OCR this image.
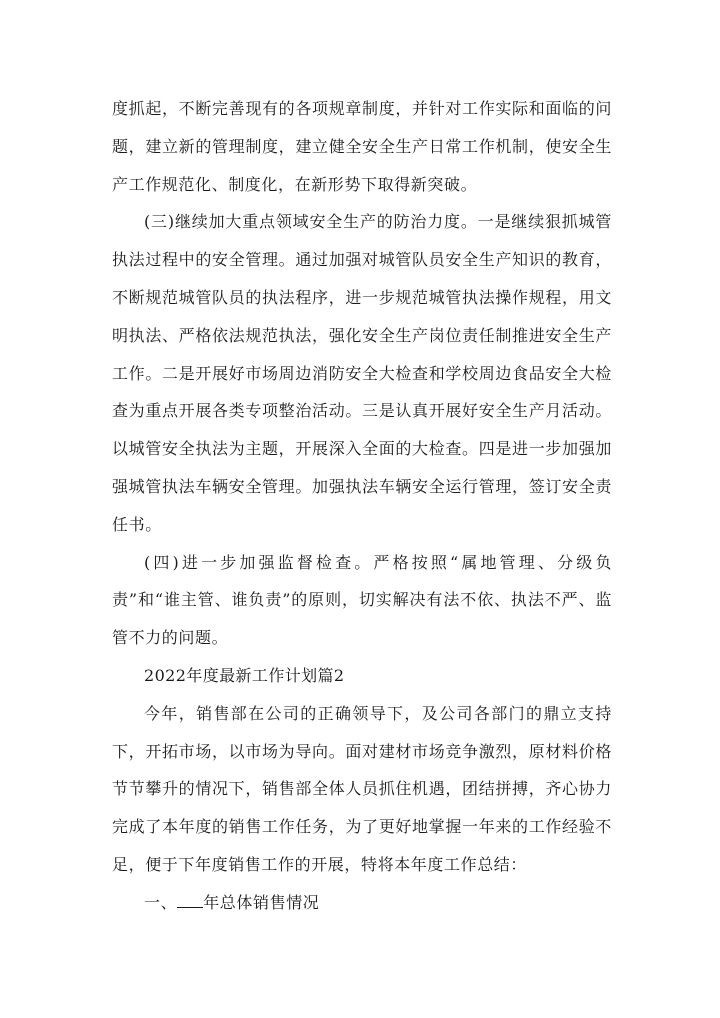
度抓起，不断完善现有的各项规章制度，并针对工作实际和面临的问题，建立新的管理制度，建立健全安全生产日常工作机制，使安全生产工作规范化、制度化，在新形势下取得新突破。

(三)继续加大重点领域安全生产的防治力度。一是继续狠抓城管执法过程中的安全管理。通过加强对城管队员安全生产知识的教育，不断规范城管队员的执法程序，进一步规范城管执法操作规程，用文明执法、严格依法规范执法，强化安全生产岗位责任制推进安全生产工作。二是开展好市场周边消防安全大检查和学校周边食品安全大检查为重点开展各类专项整治活动。三是认真开展好安全生产月活动。以城管安全执法为主题，开展深入全面的大检查。四是进一步加强加强城管执法车辆安全管理。加强执法车辆安全运行管理，签订安全责任书。

(四)进一步加强监督检查。严格按照“属地管理、分级负责”和“谁主管、谁负责”的原则，切实解决有法不依、执法不严、监管不力的问题。

2022年度最新工作计划篇2

今年，销售部在公司的正确领导下，及公司各部门的鼎立支持下，开拓市场，以市场为导向。面对建材市场竞争激烈，原材料价格节节攀升的情况下，销售部全体人员抓住机遇，团结拼搏，齐心协力完成了本年度的销售工作任务，为了更好地掌握一年来的工作经验不足，便于下年度销售工作的开展，特将本年度工作总结：

一、 年总体销售情况
